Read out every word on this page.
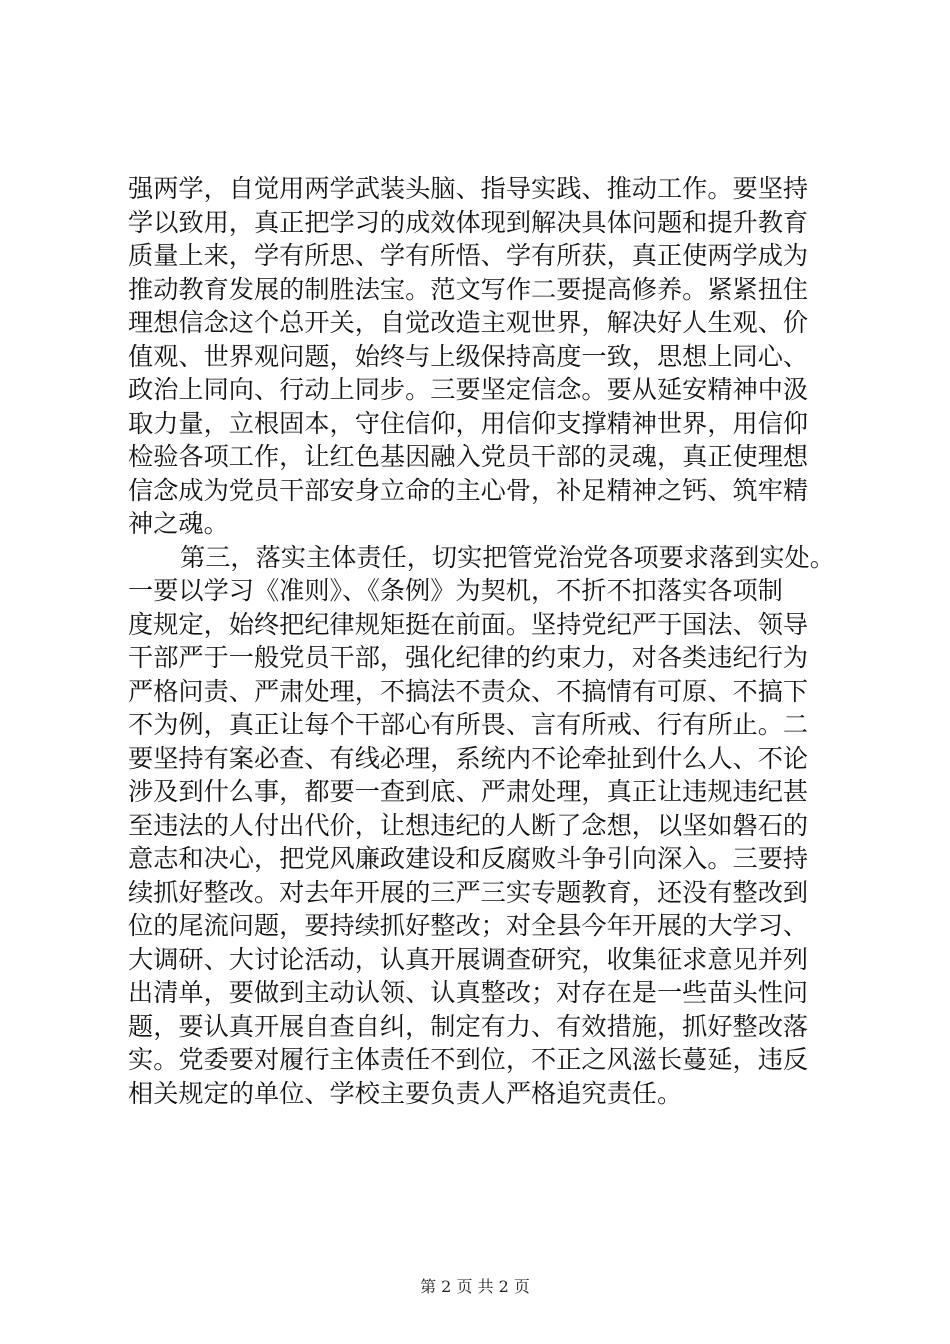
强两学，自觉用两学武装头脑、指导实践、推动工作。要坚持
学以致用，真正把学习的成效体现到解决具体问题和提升教育
质量上来，学有所思、学有所悟、学有所获，真正使两学成为
推动教育发展的制胜法宝。范文写作二要提高修养。紧紧扭住
理想信念这个总开关，自觉改造主观世界，解决好人生观、价
值观、世界观问题，始终与上级保持高度一致，思想上同心、
政治上同向、行动上同步。三要坚定信念。要从延安精神中汲
取力量，立根固本，守住信仰，用信仰支撑精神世界，用信仰
检验各项工作，让红色基因融入党员干部的灵魂，真正使理想
信念成为党员干部安身立命的主心骨，补足精神之钙、筑牢精
神之魂。
第三，落实主体责任，切实把管党治党各项要求落到实处。
一要以学习《准则》、《条例》为契机，不折不扣落实各项制
度规定，始终把纪律规矩挺在前面。坚持党纪严于国法、领导
干部严于一般党员干部，强化纪律的约束力，对各类违纪行为
严格问责、严肃处理，不搞法不责众、不搞情有可原、不搞下
不为例，真正让每个干部心有所畏、言有所戒、行有所止。二
要坚持有案必查、有线必理，系统内不论牵扯到什么人、不论
涉及到什么事，都要一查到底、严肃处理，真正让违规违纪甚
至违法的人付出代价，让想违纪的人断了念想，以坚如磐石的
意志和决心，把党风廉政建设和反腐败斗争引向深入。三要持
续抓好整改。对去年开展的三严三实专题教育，还没有整改到
位的尾流问题，要持续抓好整改；对全县今年开展的大学习、
大调研、大讨论活动，认真开展调查研究，收集征求意见并列
出清单，要做到主动认领、认真整改；对存在是一些苗头性问
题，要认真开展自查自纠，制定有力、有效措施，抓好整改落
实。党委要对履行主体责任不到位，不正之风滋长蔓延，违反
相关规定的单位、学校主要负责人严格追究责任。
第 2 页 共 2 页
